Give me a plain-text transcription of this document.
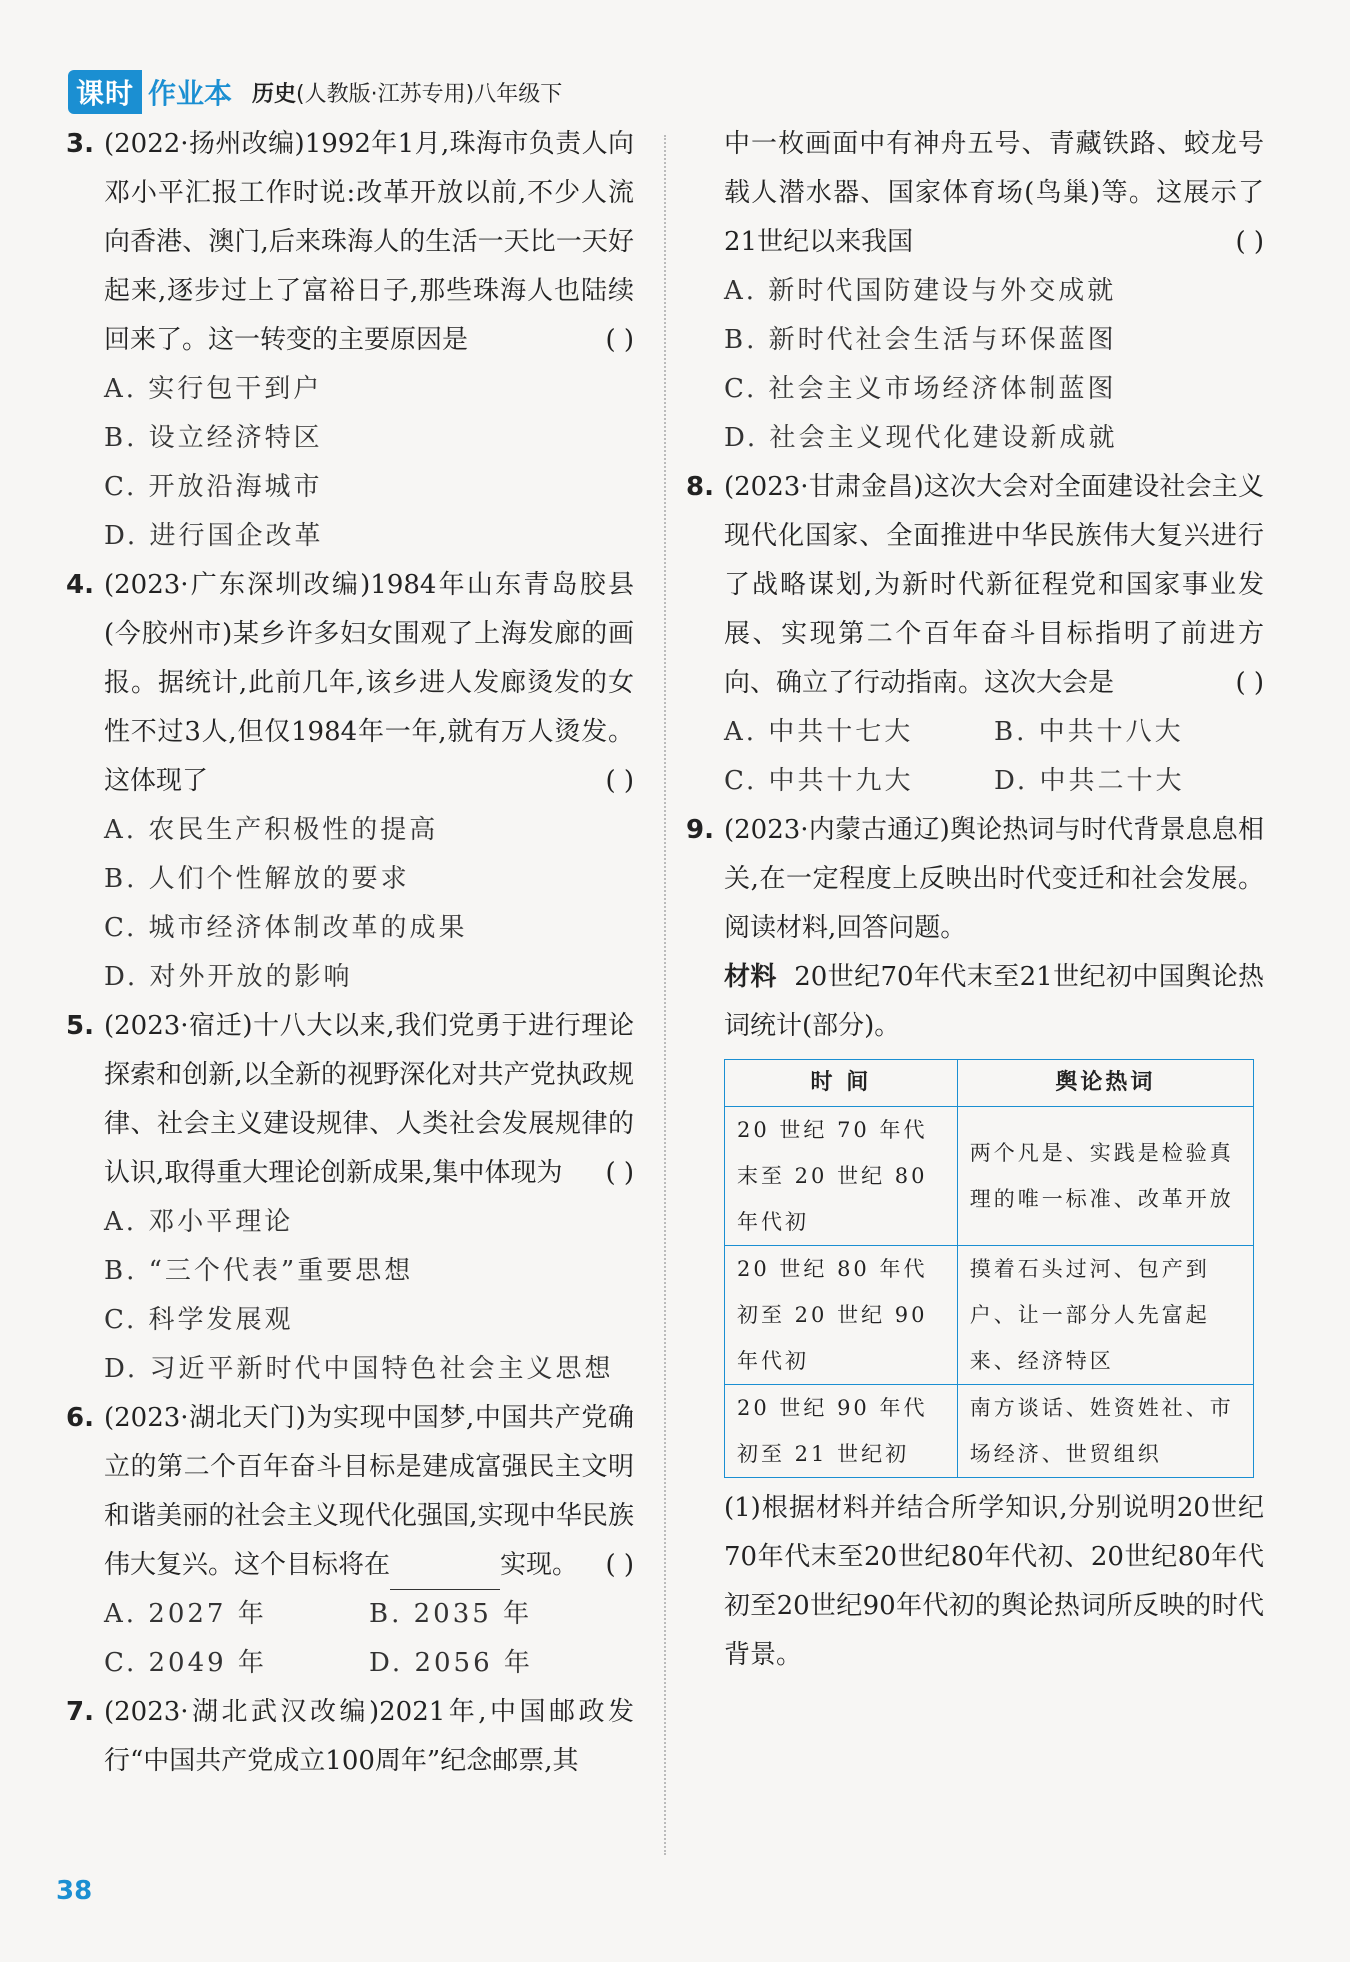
课时 作业本 历史(人教版·江苏专用)八年级下
3. (2022·扬州改编)1992年1月,珠海市负责人向邓小平汇报工作时说:改革开放以前,不少人流向香港、澳门,后来珠海人的生活一天比一天好起来,逐步过上了富裕日子,那些珠海人也陆续回来了。这一转变的主要原因是	( )
A. 实行包干到户
B. 设立经济特区
C. 开放沿海城市
D. 进行国企改革
4. (2023·广东深圳改编)1984年山东青岛胶县(今胶州市)某乡许多妇女围观了上海发廊的画报。据统计,此前几年,该乡进人发廊烫发的女性不过3人,但仅1984年一年,就有万人烫发。这体现了	( )
A. 农民生产积极性的提高
B. 人们个性解放的要求
C. 城市经济体制改革的成果
D. 对外开放的影响
5. (2023·宿迁)十八大以来,我们党勇于进行理论探索和创新,以全新的视野深化对共产党执政规律、社会主义建设规律、人类社会发展规律的认识,取得重大理论创新成果,集中体现为 ( )
A. 邓小平理论
B. “三个代表”重要思想
C. 科学发展观
D. 习近平新时代中国特色社会主义思想
6. (2023·湖北天门)为实现中国梦,中国共产党确立的第二个百年奋斗目标是建成富强民主文明和谐美丽的社会主义现代化强国,实现中华民族伟大复兴。这个目标将在	实现。 ( )
A. 2027 年	B. 2035 年
C. 2049 年	D. 2056 年
7. (2023·湖北武汉改编)2021年,中国邮政发行“中国共产党成立100周年”纪念邮票,其
中一枚画面中有神舟五号、青藏铁路、蛟龙号载人潜水器、国家体育场(鸟巢)等。这展示了21世纪以来我国	( )
A. 新时代国防建设与外交成就
B. 新时代社会生活与环保蓝图
C. 社会主义市场经济体制蓝图
D. 社会主义现代化建设新成就
8. (2023·甘肃金昌)这次大会对全面建设社会主义现代化国家、全面推进中华民族伟大复兴进行了战略谋划,为新时代新征程党和国家事业发展、实现第二个百年奋斗目标指明了前进方向、确立了行动指南。这次大会是	( )
A. 中共十七大	B. 中共十八大
C. 中共十九大	D. 中共二十大
9. (2023·内蒙古通辽)舆论热词与时代背景息息相关,在一定程度上反映出时代变迁和社会发展。阅读材料,回答问题。
材料 20世纪70年代末至21世纪初中国舆论热词统计(部分)。
时 间	舆论热词
20 世纪 70 年代末至 20 世纪 80 年代初	两个凡是、实践是检验真理的唯一标准、改革开放
20 世纪 80 年代初至 20 世纪 90 年代初	摸着石头过河、包产到户、让一部分人先富起来、经济特区
20 世纪 90 年代初至 21 世纪初	南方谈话、姓资姓社、市场经济、世贸组织
(1)根据材料并结合所学知识,分别说明20世纪70年代末至20世纪80年代初、20世纪80年代初至20世纪90年代初的舆论热词所反映的时代背景。
38
